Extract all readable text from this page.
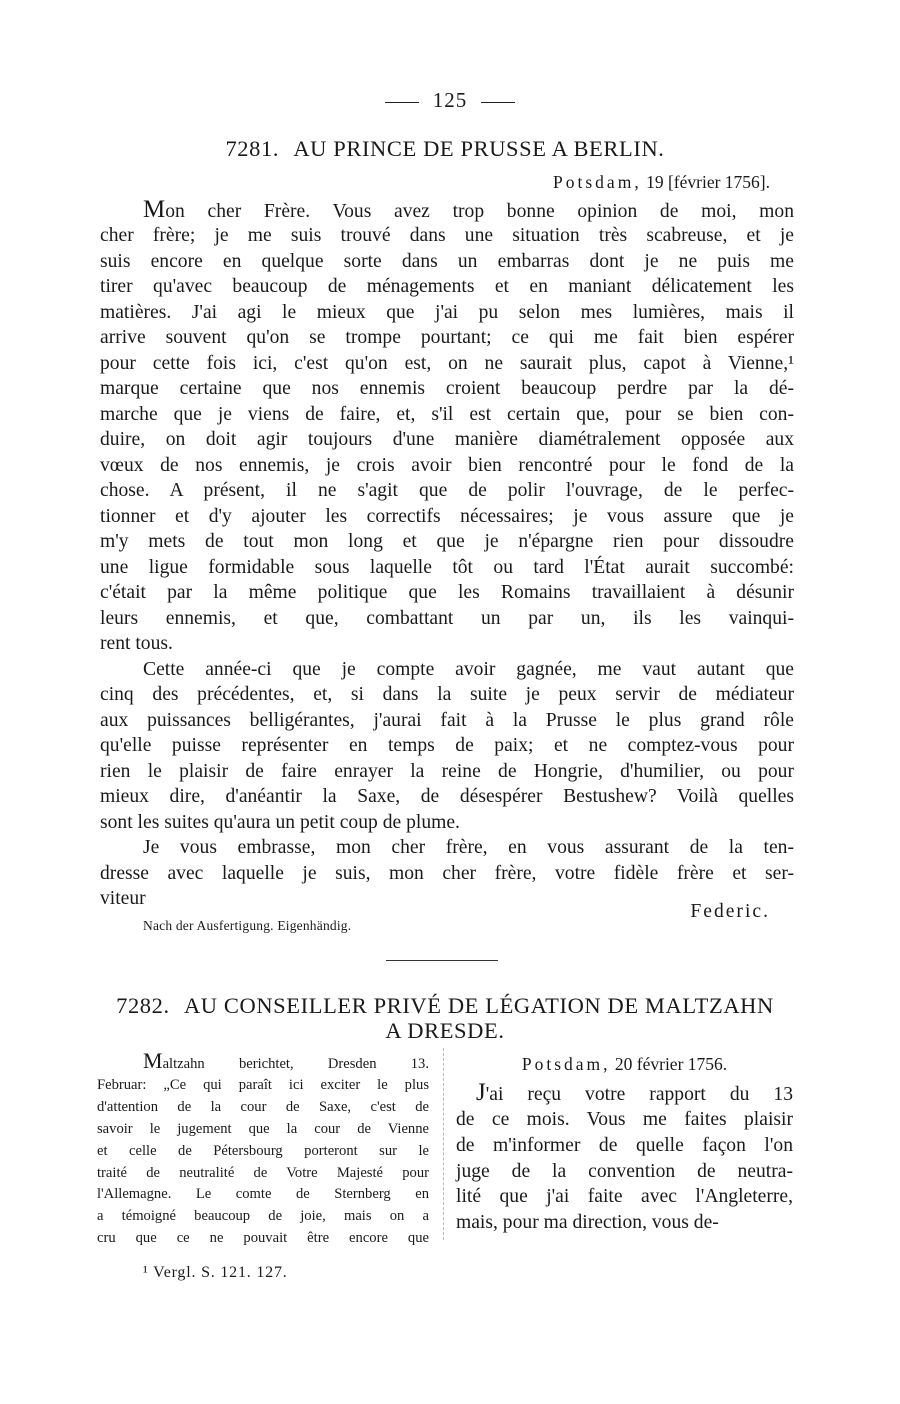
125
7281. AU PRINCE DE PRUSSE A BERLIN.
Potsdam, 19 [février 1756].
Mon cher Frère. Vous avez trop bonne opinion de moi, mon
cher frère; je me suis trouvé dans une situation très scabreuse, et je
suis encore en quelque sorte dans un embarras dont je ne puis me
tirer qu'avec beaucoup de ménagements et en maniant délicatement les
matières. J'ai agi le mieux que j'ai pu selon mes lumières, mais il
arrive souvent qu'on se trompe pourtant; ce qui me fait bien espérer
pour cette fois ici, c'est qu'on est, on ne saurait plus, capot à Vienne,¹
marque certaine que nos ennemis croient beaucoup perdre par la dé-
marche que je viens de faire, et, s'il est certain que, pour se bien con-
duire, on doit agir toujours d'une manière diamétralement opposée aux
vœux de nos ennemis, je crois avoir bien rencontré pour le fond de la
chose. A présent, il ne s'agit que de polir l'ouvrage, de le perfec-
tionner et d'y ajouter les correctifs nécessaires; je vous assure que je
m'y mets de tout mon long et que je n'épargne rien pour dissoudre
une ligue formidable sous laquelle tôt ou tard l'État aurait succombé:
c'était par la même politique que les Romains travaillaient à désunir
leurs ennemis, et que, combattant un par un, ils les vainqui-
rent tous.
Cette année-ci que je compte avoir gagnée, me vaut autant que
cinq des précédentes, et, si dans la suite je peux servir de médiateur
aux puissances belligérantes, j'aurai fait à la Prusse le plus grand rôle
qu'elle puisse représenter en temps de paix; et ne comptez-vous pour
rien le plaisir de faire enrayer la reine de Hongrie, d'humilier, ou pour
mieux dire, d'anéantir la Saxe, de désespérer Bestushew? Voilà quelles
sont les suites qu'aura un petit coup de plume.
Je vous embrasse, mon cher frère, en vous assurant de la ten-
dresse avec laquelle je suis, mon cher frère, votre fidèle frère et ser-
viteur
Federic.
Nach der Ausfertigung. Eigenhändig.
7282. AU CONSEILLER PRIVÉ DE LÉGATION DE MALTZAHN
A DRESDE.
Maltzahn berichtet, Dresden 13.
Februar: „Ce qui paraît ici exciter le plus
d'attention de la cour de Saxe, c'est de
savoir le jugement que la cour de Vienne
et celle de Pétersbourg porteront sur le
traité de neutralité de Votre Majesté pour
l'Allemagne. Le comte de Sternberg en
a témoigné beaucoup de joie, mais on a
cru que ce ne pouvait être encore que
Potsdam, 20 février 1756.
J'ai reçu votre rapport du 13
de ce mois. Vous me faites plaisir
de m'informer de quelle façon l'on
juge de la convention de neutra-
lité que j'ai faite avec l'Angleterre,
mais, pour ma direction, vous de-
¹ Vergl. S. 121. 127.
